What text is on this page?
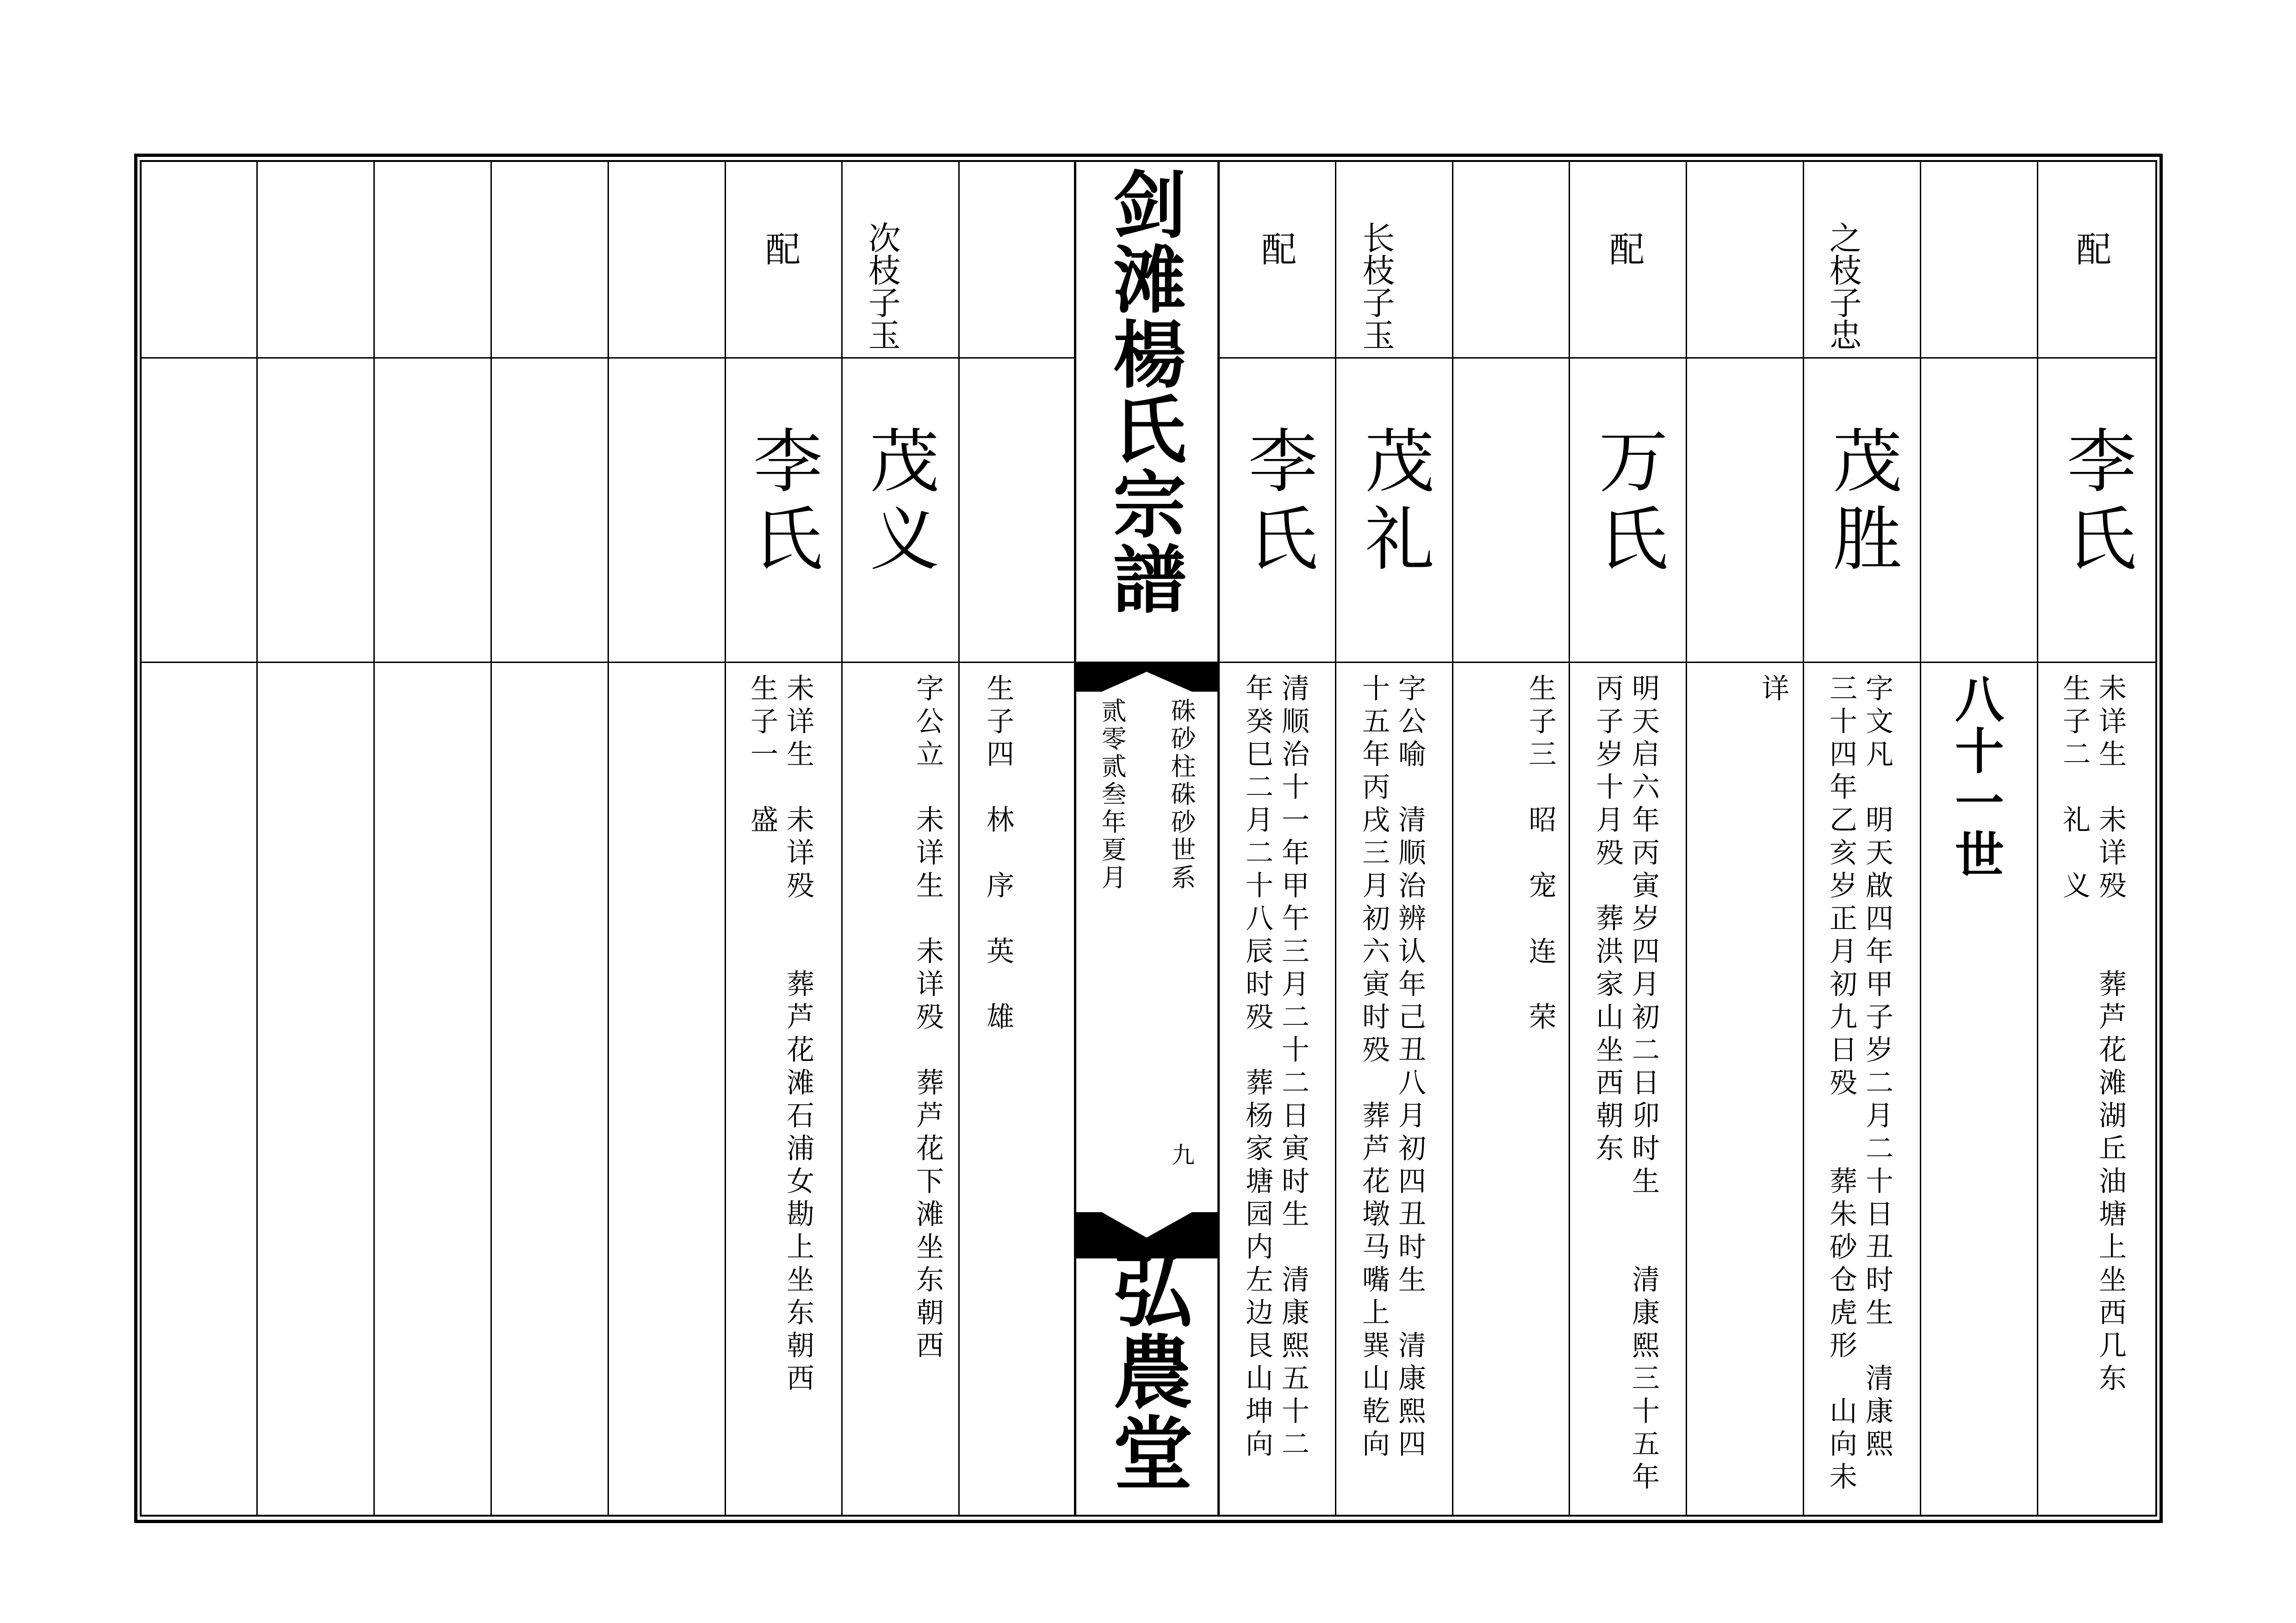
剑滩楊氏宗譜
硃砂柱硃砂世系
贰零贰叁年夏月
九
弘農堂
配
李氏
未详生　未详殁　　葬芦花滩湖丘油塘上坐西几东
生子二　礼　义
八十一世
之枝子忠
茂胜
字文凡　明天啟四年甲子岁二月二十日丑时生　清康熙
三十四年乙亥岁正月初九日殁　　葬朱砂仓虎形　山向未
详
配
万氏
明天启六年丙寅岁四月初二日卯时生　　清康熙三十五年
丙子岁十月殁　葬洪家山坐西朝东
生子三　昭　宠　连　荣
长枝子玉
茂礼
字公喻　清顺治辨认年己丑八月初四丑时生　清康熙四
十五年丙戌三月初六寅时殁　葬芦花墩马嘴上巽山乾向
配
李氏
清顺治十一年甲午三月二十二日寅时生　清康熙五十二
年癸巳二月二十八辰时殁　葬杨家塘园内左边艮山坤向
生子四　林　序　英　雄
次枝子玉
茂义
字公立　未详生　未详殁　葬芦花下滩坐东朝西
配
李氏
未详生　未详殁　　葬芦花滩石浦女勘上坐东朝西
生子一　盛
